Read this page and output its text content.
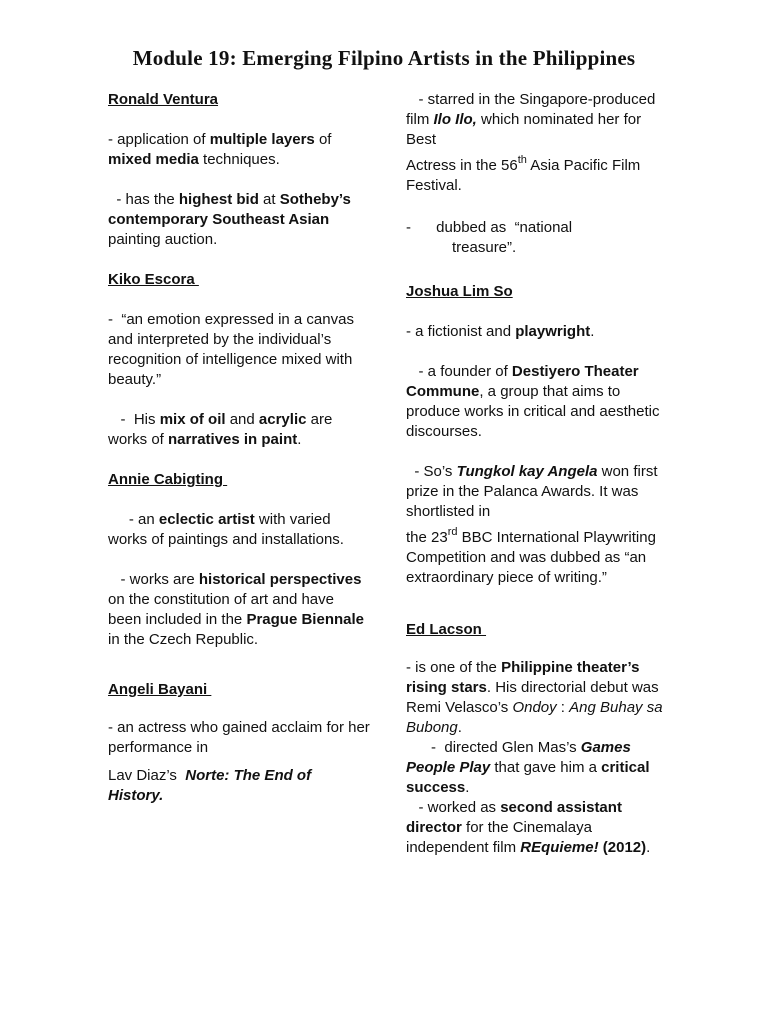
Module 19: Emerging Filpino Artists in the Philippines

Ronald Ventura

- application of multiple layers of mixed media techniques.

- has the highest bid at Sotheby’s contemporary Southeast Asian painting auction.

Kiko Escora

-  “an emotion expressed in a canvas and interpreted by the individual’s recognition of intelligence mixed with beauty.”

-  His mix of oil and acrylic are works of narratives in paint.

Annie Cabigting

- an eclectic artist with varied works of paintings and installations.

- works are historical perspectives on the constitution of art and have been included in the Prague Biennale in the Czech Republic.

Angeli Bayani

- an actress who gained acclaim for her performance in

Lav Diaz’s  Norte: The End of History.

- starred in the Singapore-produced film Ilo Ilo, which nominated her for Best
Actress in the 56th Asia Pacific Film Festival.

- dubbed as  “national
treasure”.

Joshua Lim So

- a fictionist and playwright.

- a founder of Destiyero Theater Commune, a group that aims to produce works in critical and aesthetic discourses.

- So’s Tungkol kay Angela won first prize in the Palanca Awards. It was shortlisted in
the 23rd BBC International Playwriting Competition and was dubbed as “an extraordinary piece of writing.”

Ed Lacson

- is one of the Philippine theater’s rising stars. His directorial debut was Remi Velasco’s Ondoy : Ang Buhay sa Bubong.

-  directed Glen Mas’s Games People Play that gave him a critical success.

- worked as second assistant director for the Cinemalaya independent film REquieme! (2012).
